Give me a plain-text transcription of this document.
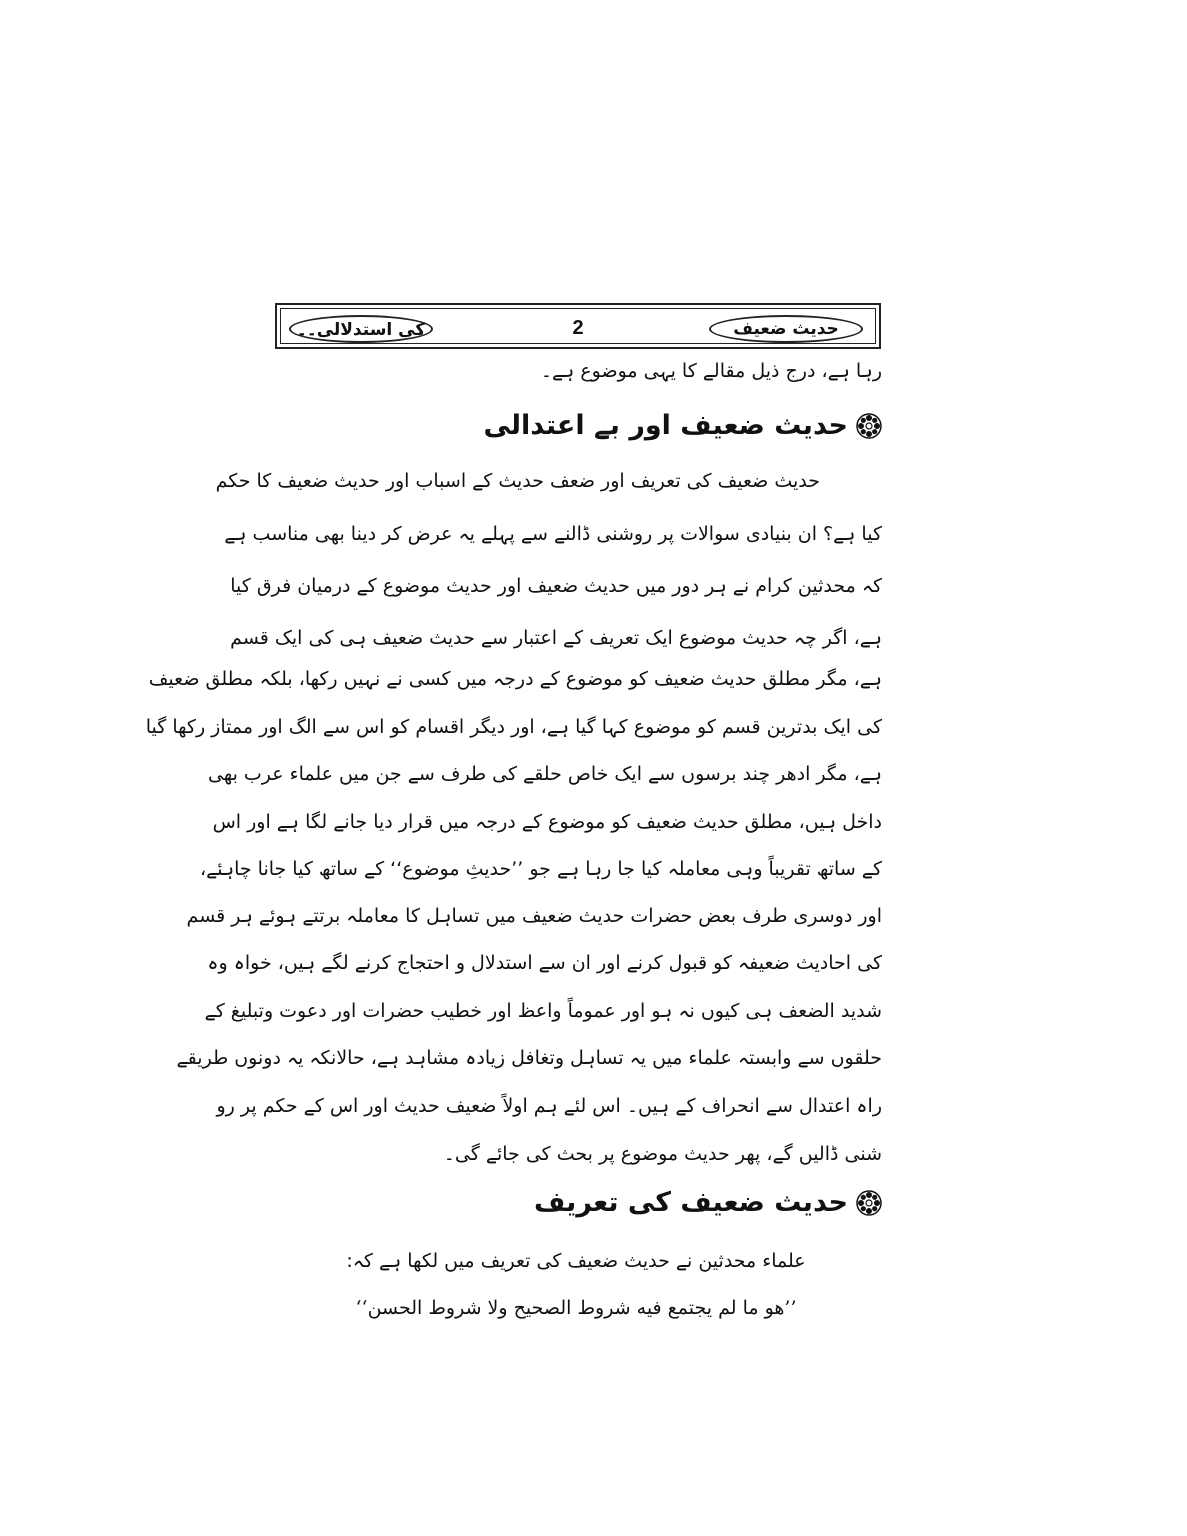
حدیث ضعیف
2
کی استدلالی۔۔
رہا ہے، درج ذیل مقالے کا یہی موضوع ہے۔
حدیث ضعیف اور بے اعتدالی
حدیث ضعیف کی تعریف اور ضعف حدیث کے اسباب اور حدیث ضعیف کا حکم
کیا ہے؟ ان بنیادی سوالات پر روشنی ڈالنے سے پہلے یہ عرض کر دینا بھی مناسب ہے
کہ محدثین کرام نے ہر دور میں حدیث ضعیف اور حدیث موضوع کے درمیان فرق کیا
ہے، اگر چہ حدیث موضوع ایک تعریف کے اعتبار سے حدیث ضعیف ہی کی ایک قسم
ہے، مگر مطلق حدیث ضعیف کو موضوع کے درجہ میں کسی نے نہیں رکھا، بلکہ مطلق ضعیف
کی ایک بدترین قسم کو موضوع کہا گیا ہے، اور دیگر اقسام کو اس سے الگ اور ممتاز رکھا گیا
ہے، مگر ادھر چند برسوں سے ایک خاص حلقے کی طرف سے جن میں علماء عرب بھی
داخل ہیں، مطلق حدیث ضعیف کو موضوع کے درجہ میں قرار دیا جانے لگا ہے اور اس
کے ساتھ تقریباً وہی معاملہ کیا جا رہا ہے جو ’’حدیثِ موضوع‘‘ کے ساتھ کیا جانا چاہئے،
اور دوسری طرف بعض حضرات حدیث ضعیف میں تساہل کا معاملہ برتتے ہوئے ہر قسم
کی احادیث ضعیفہ کو قبول کرنے اور ان سے استدلال و احتجاج کرنے لگے ہیں، خواہ وہ
شدید الضعف ہی کیوں نہ ہو اور عموماً واعظ اور خطیب حضرات اور دعوت وتبلیغ کے
حلقوں سے وابستہ علماء میں یہ تساہل وتغافل زیادہ مشاہد ہے، حالانکہ یہ دونوں طریقے
راہ اعتدال سے انحراف کے ہیں۔ اس لئے ہم اولاً ضعیف حدیث اور اس کے حکم پر رو
شنی ڈالیں گے، پھر حدیث موضوع پر بحث کی جائے گی۔
حدیث ضعیف کی تعریف
علماء محدثین نے حدیث ضعیف کی تعریف میں لکھا ہے کہ:
’’هو ما لم يجتمع فيه شروط الصحيح ولا شروط الحسن‘‘
